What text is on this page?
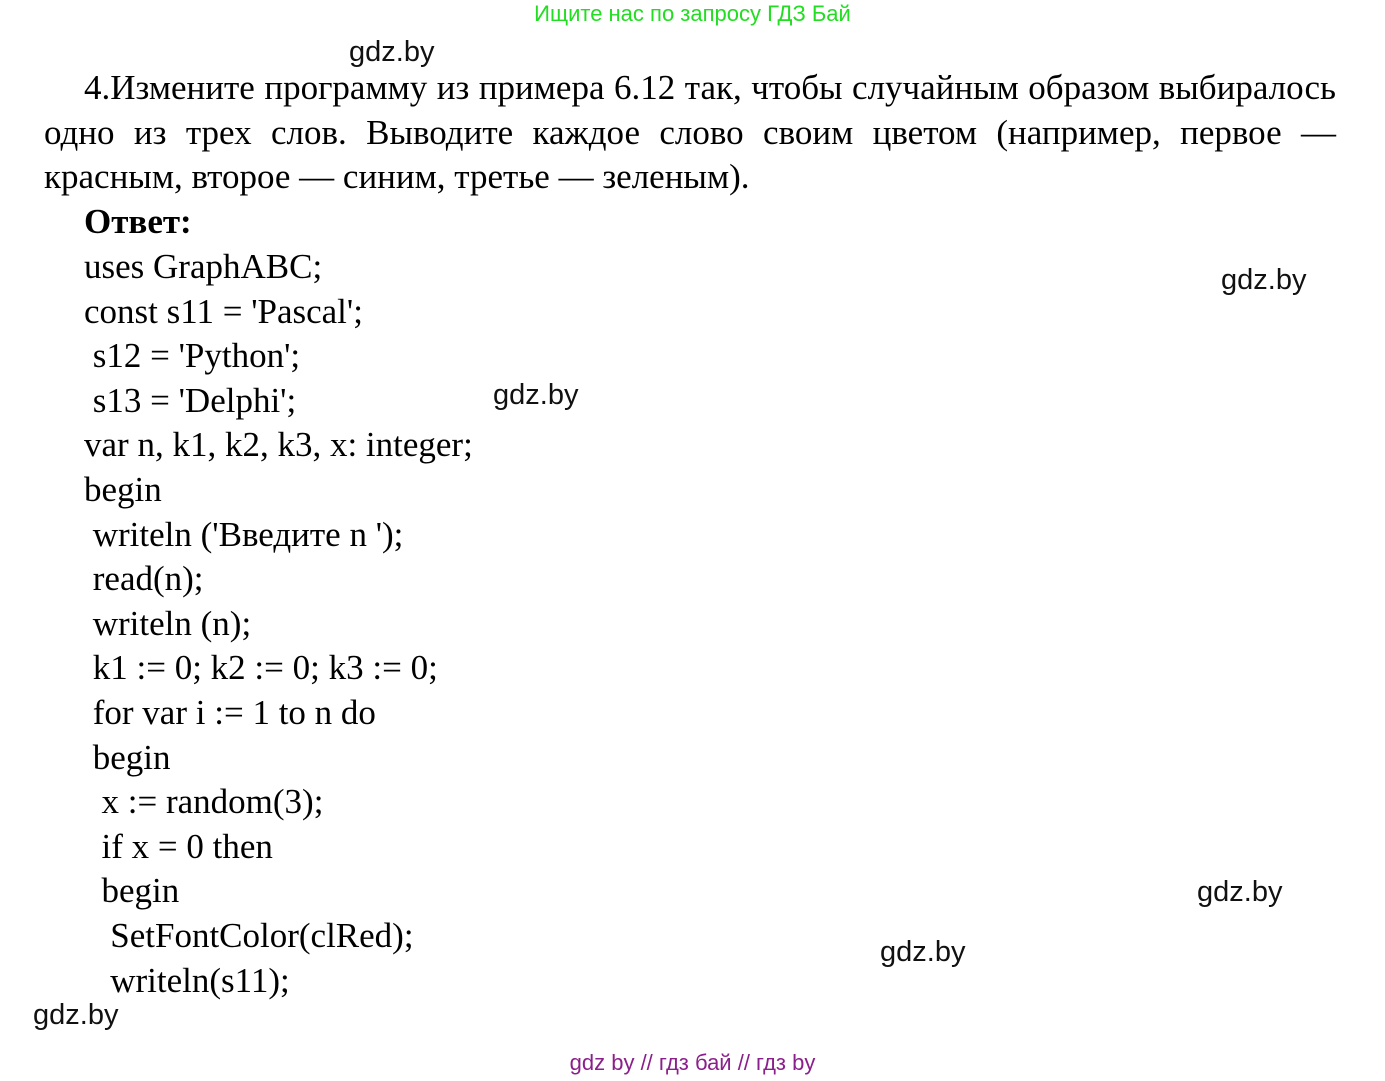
Ищите нас по запросу ГДЗ Бай
gdz.by
gdz.by
gdz.by
gdz.by
gdz.by
gdz.by

4.Измените программу из примера 6.12 так, чтобы случайным образом выбиралось одно из трех слов. Выводите каждое слово своим цветом (например, первое — красным, второе — синим, третье — зеленым).

Ответ:
uses GraphABC;
const s11 = 'Pascal';
s12 = 'Python';
s13 = 'Delphi';
var n, k1, k2, k3, x: integer;
begin
writeln ('Введите n ');
read(n);
writeln (n);
k1 := 0; k2 := 0; k3 := 0;
for var i := 1 to n do
begin
x := random(3);
if x = 0 then
begin
SetFontColor(clRed);
writeln(s11);
gdz by // гдз бай // гдз by
